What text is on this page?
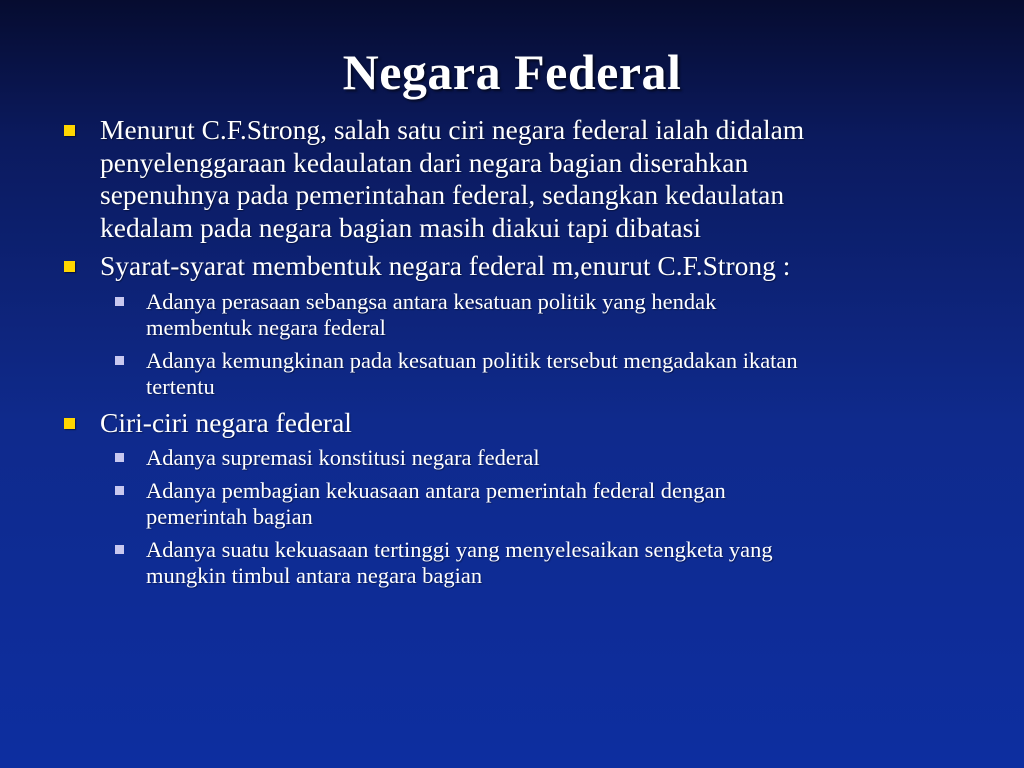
Negara Federal
Menurut C.F.Strong, salah satu ciri negara federal ialah didalam
penyelenggaraan kedaulatan dari negara bagian diserahkan
sepenuhnya pada pemerintahan federal, sedangkan kedaulatan
kedalam pada negara bagian masih diakui tapi dibatasi
Syarat-syarat membentuk negara federal m,enurut C.F.Strong :
Adanya perasaan sebangsa antara kesatuan politik yang hendak
membentuk negara federal
Adanya kemungkinan pada kesatuan politik tersebut mengadakan ikatan
tertentu
Ciri-ciri negara federal
Adanya supremasi konstitusi negara federal
Adanya pembagian kekuasaan antara pemerintah federal dengan
pemerintah bagian
Adanya suatu kekuasaan tertinggi yang menyelesaikan sengketa yang
mungkin timbul antara negara bagian
